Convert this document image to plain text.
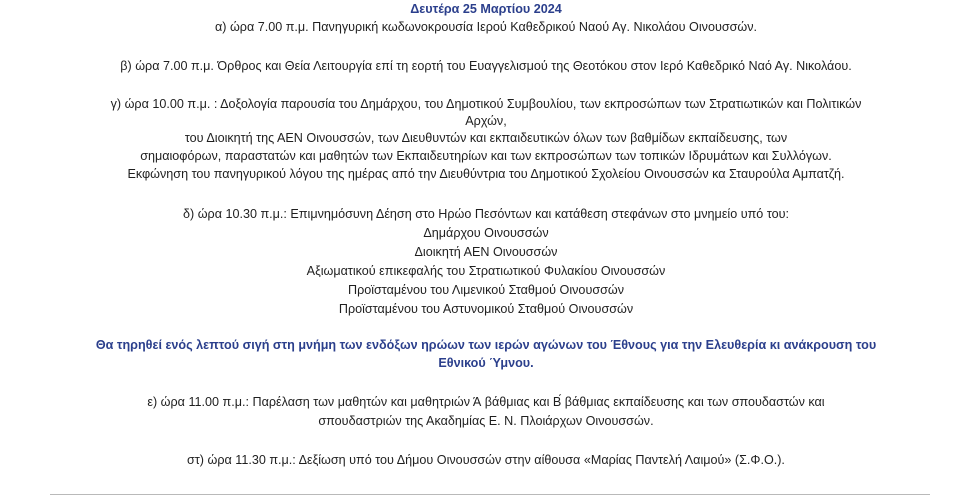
Δευτέρα 25 Μαρτίου 2024
α) ώρα 7.00 π.μ. Πανηγυρική κωδωνοκρουσία Ιερού Καθεδρικού Ναού Αγ. Νικολάου Οινουσσών.
β) ώρα 7.00 π.μ. Όρθρος και Θεία Λειτουργία επί τη εορτή του Ευαγγελισμού της Θεοτόκου στον Ιερό Καθεδρικό Ναό Αγ. Νικολάου.
γ) ώρα 10.00 π.μ. : Δοξολογία παρουσία του Δημάρχου, του Δημοτικού Συμβουλίου, των εκπροσώπων των Στρατιωτικών και Πολιτικών
Αρχών,
του Διοικητή της ΑΕΝ Οινουσσών, των Διευθυντών και εκπαιδευτικών όλων των βαθμίδων εκπαίδευσης, των
σημαιοφόρων, παραστατών και μαθητών των Εκπαιδευτηρίων και των εκπροσώπων των τοπικών Ιδρυμάτων και Συλλόγων.
Εκφώνηση του πανηγυρικού λόγου της ημέρας από την Διευθύντρια του Δημοτικού Σχολείου Οινουσσών κα Σταυρούλα Αμπατζή.
δ) ώρα 10.30 π.μ.: Επιμνημόσυνη Δέηση στο Ηρώο Πεσόντων και κατάθεση στεφάνων στο μνημείο υπό του:
Δημάρχου Οινουσσών
Διοικητή ΑΕΝ Οινουσσών
Αξιωματικού επικεφαλής του Στρατιωτικού Φυλακίου Οινουσσών
Προϊσταμένου του Λιμενικού Σταθμού Οινουσσών
Προϊσταμένου του Αστυνομικού Σταθμού Οινουσσών
Θα τηρηθεί ενός λεπτού σιγή στη μνήμη των ενδόξων ηρώων των ιερών αγώνων του Έθνους για την Ελευθερία κι ανάκρουση του
Εθνικού Ύμνου.
ε) ώρα 11.00 π.μ.: Παρέλαση των μαθητών και μαθητριών Ά βάθμιας και Β́ βάθμιας εκπαίδευσης και των σπουδαστών και
σπουδαστριών της Ακαδημίας Ε. Ν. Πλοιάρχων Οινουσσών.
στ) ώρα 11.30 π.μ.: Δεξίωση υπό του Δήμου Οινουσσών στην αίθουσα «Μαρίας Παντελή Λαιμού» (Σ.Φ.Ο.).
